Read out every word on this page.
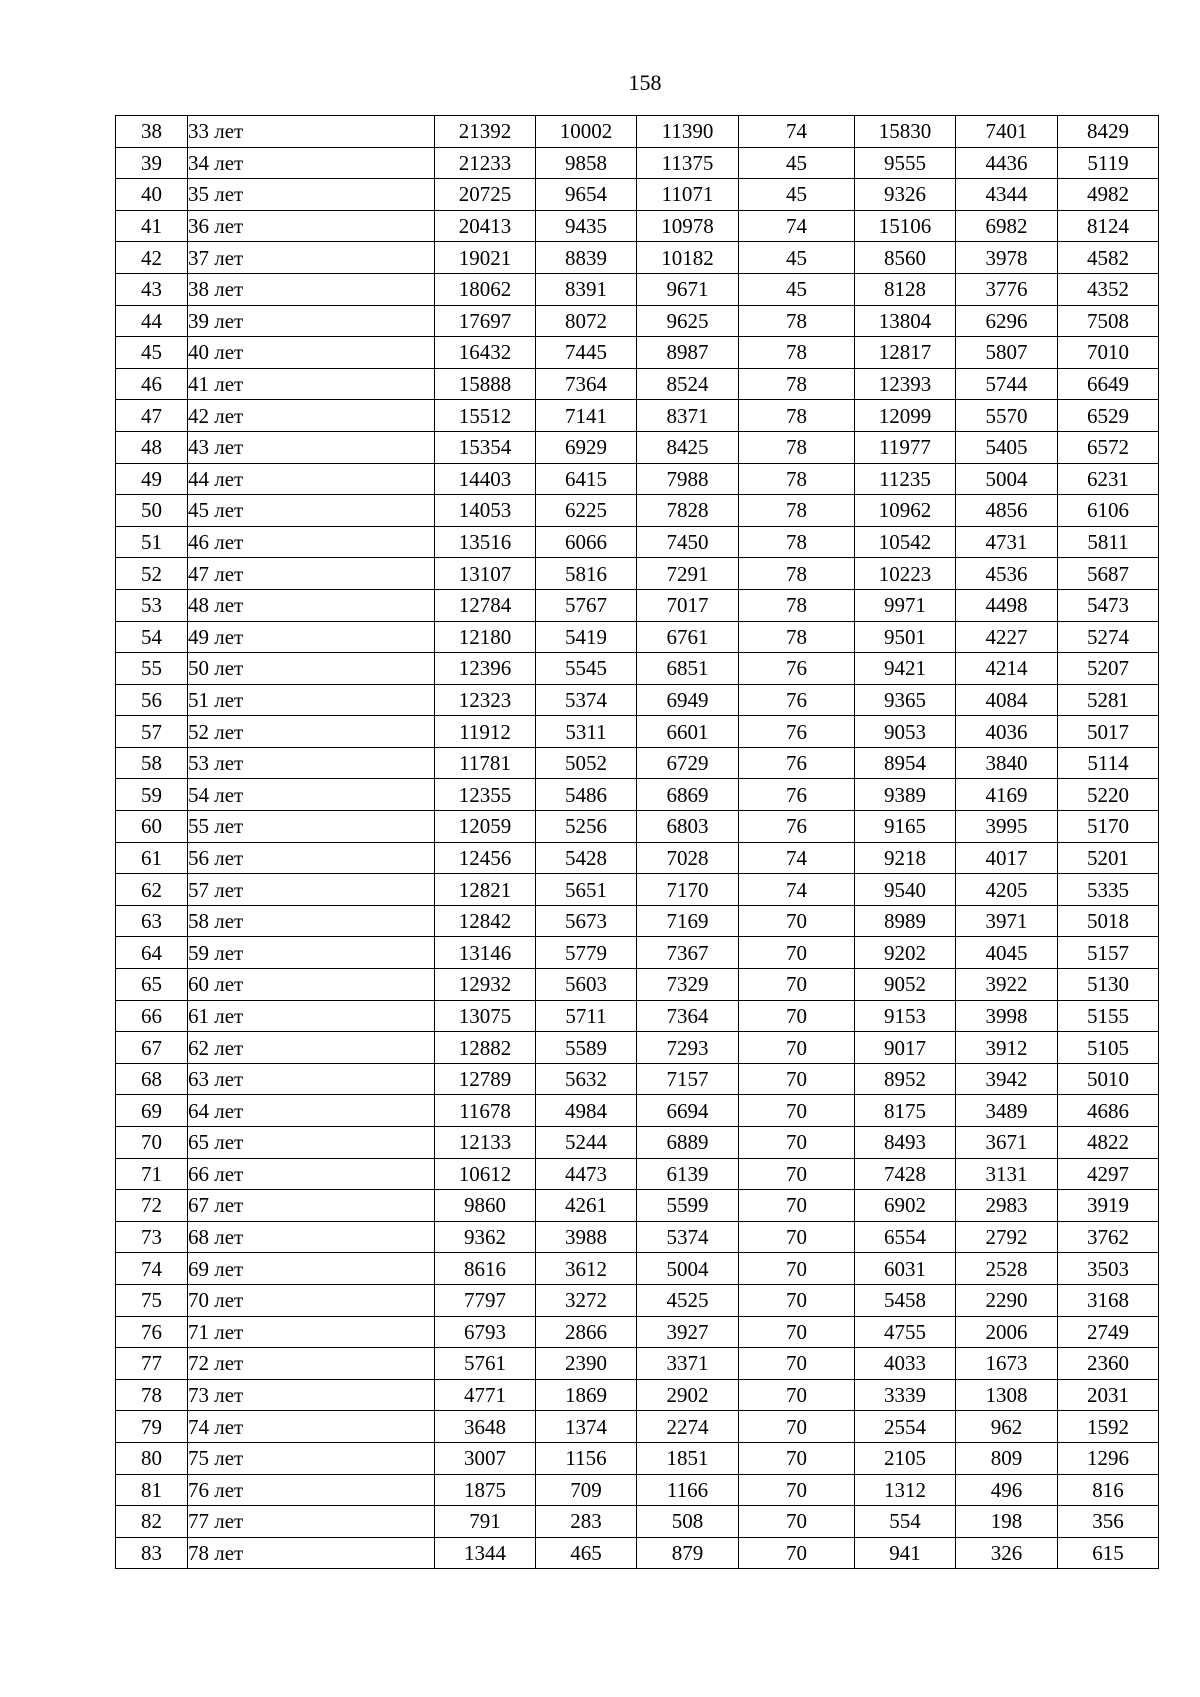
158
38	33 лет	21392	10002	11390	74	15830	7401	8429
39	34 лет	21233	9858	11375	45	9555	4436	5119
40	35 лет	20725	9654	11071	45	9326	4344	4982
41	36 лет	20413	9435	10978	74	15106	6982	8124
42	37 лет	19021	8839	10182	45	8560	3978	4582
43	38 лет	18062	8391	9671	45	8128	3776	4352
44	39 лет	17697	8072	9625	78	13804	6296	7508
45	40 лет	16432	7445	8987	78	12817	5807	7010
46	41 лет	15888	7364	8524	78	12393	5744	6649
47	42 лет	15512	7141	8371	78	12099	5570	6529
48	43 лет	15354	6929	8425	78	11977	5405	6572
49	44 лет	14403	6415	7988	78	11235	5004	6231
50	45 лет	14053	6225	7828	78	10962	4856	6106
51	46 лет	13516	6066	7450	78	10542	4731	5811
52	47 лет	13107	5816	7291	78	10223	4536	5687
53	48 лет	12784	5767	7017	78	9971	4498	5473
54	49 лет	12180	5419	6761	78	9501	4227	5274
55	50 лет	12396	5545	6851	76	9421	4214	5207
56	51 лет	12323	5374	6949	76	9365	4084	5281
57	52 лет	11912	5311	6601	76	9053	4036	5017
58	53 лет	11781	5052	6729	76	8954	3840	5114
59	54 лет	12355	5486	6869	76	9389	4169	5220
60	55 лет	12059	5256	6803	76	9165	3995	5170
61	56 лет	12456	5428	7028	74	9218	4017	5201
62	57 лет	12821	5651	7170	74	9540	4205	5335
63	58 лет	12842	5673	7169	70	8989	3971	5018
64	59 лет	13146	5779	7367	70	9202	4045	5157
65	60 лет	12932	5603	7329	70	9052	3922	5130
66	61 лет	13075	5711	7364	70	9153	3998	5155
67	62 лет	12882	5589	7293	70	9017	3912	5105
68	63 лет	12789	5632	7157	70	8952	3942	5010
69	64 лет	11678	4984	6694	70	8175	3489	4686
70	65 лет	12133	5244	6889	70	8493	3671	4822
71	66 лет	10612	4473	6139	70	7428	3131	4297
72	67 лет	9860	4261	5599	70	6902	2983	3919
73	68 лет	9362	3988	5374	70	6554	2792	3762
74	69 лет	8616	3612	5004	70	6031	2528	3503
75	70 лет	7797	3272	4525	70	5458	2290	3168
76	71 лет	6793	2866	3927	70	4755	2006	2749
77	72 лет	5761	2390	3371	70	4033	1673	2360
78	73 лет	4771	1869	2902	70	3339	1308	2031
79	74 лет	3648	1374	2274	70	2554	962	1592
80	75 лет	3007	1156	1851	70	2105	809	1296
81	76 лет	1875	709	1166	70	1312	496	816
82	77 лет	791	283	508	70	554	198	356
83	78 лет	1344	465	879	70	941	326	615
